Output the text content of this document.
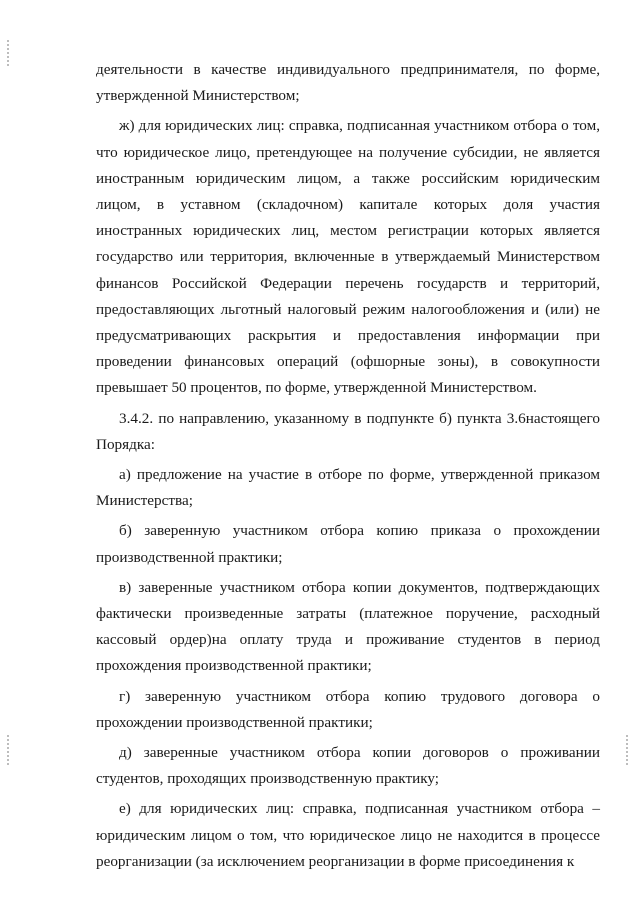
деятельности в качестве индивидуального предпринимателя, по форме, утвержденной Министерством;

ж) для юридических лиц: справка, подписанная участником отбора о том, что юридическое лицо, претендующее на получение субсидии, не является иностранным юридическим лицом, а также российским юридическим лицом, в уставном (складочном) капитале которых доля участия иностранных юридических лиц, местом регистрации которых является государство или территория, включенные в утверждаемый Министерством финансов Российской Федерации перечень государств и территорий, предоставляющих льготный налоговый режим налогообложения и (или) не предусматривающих раскрытия и предоставления информации при проведении финансовых операций (офшорные зоны), в совокупности превышает 50 процентов, по форме, утвержденной Министерством.

3.4.2. по направлению, указанному в подпункте б) пункта 3.6настоящего Порядка:

а) предложение на участие в отборе по форме, утвержденной приказом Министерства;

б) заверенную участником отбора копию приказа о прохождении производственной практики;

в) заверенные участником отбора копии документов, подтверждающих фактически произведенные затраты (платежное поручение, расходный кассовый ордер)на оплату труда и проживание студентов в период прохождения производственной практики;

г) заверенную участником отбора копию трудового договора о прохождении производственной практики;

д) заверенные участником отбора копии договоров о проживании студентов, проходящих производственную практику;

е) для юридических лиц: справка, подписанная участником отбора – юридическим лицом о том, что юридическое лицо не находится в процессе реорганизации (за исключением реорганизации в форме присоединения к
